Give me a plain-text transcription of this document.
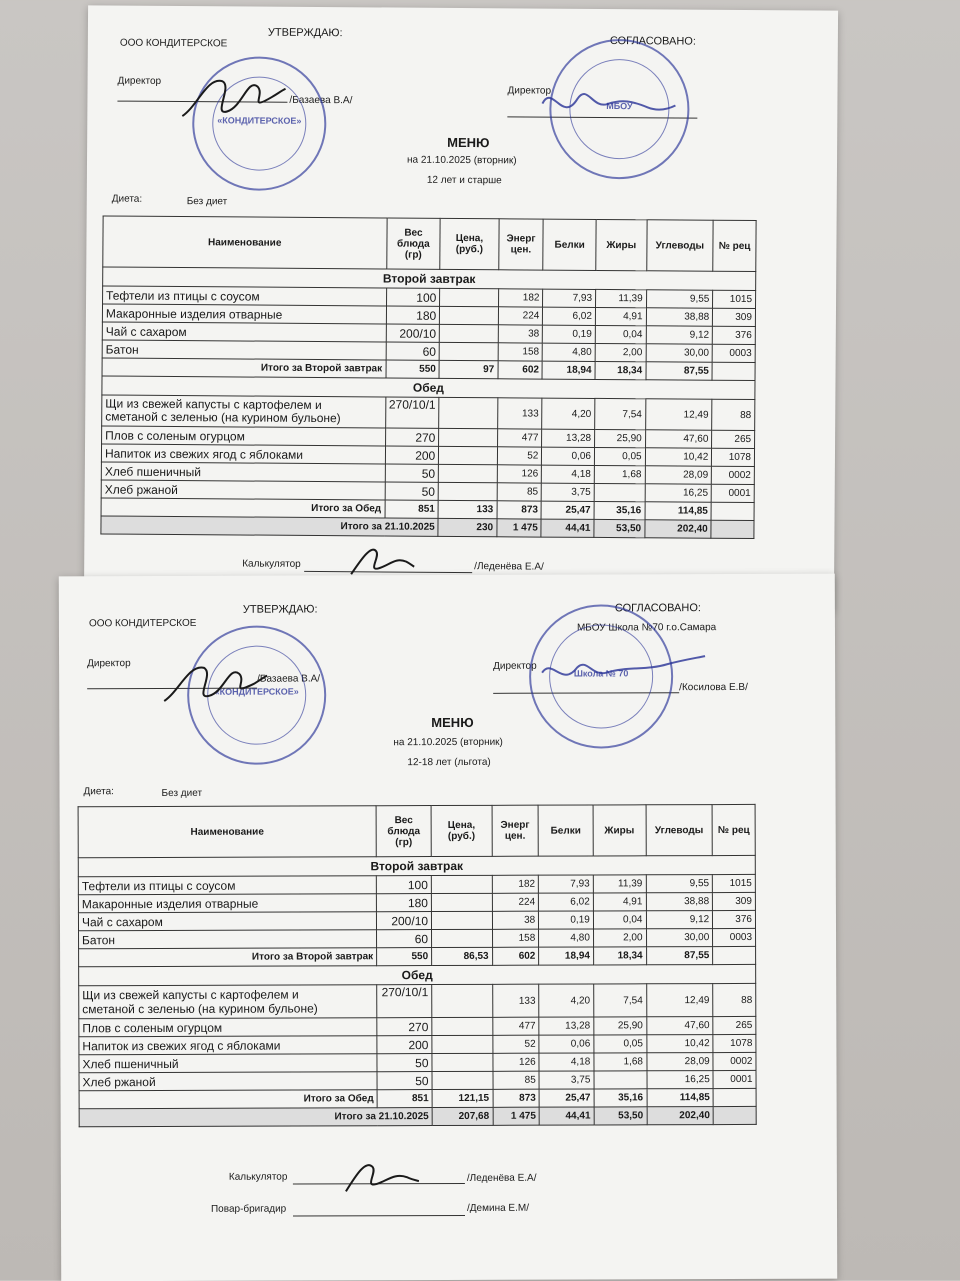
УТВЕРЖДАЮ:
ООО КОНДИТЕРСКОЕ	СОГЛАСОВАНО:
Директор
/Базаева В.А/
Директор
«КОНДИТЕРСКОЕ»
МБОУ
МЕНЮ
на 21.10.2025 (вторник)
12 лет и старше
Диета:	Без диет
Наименование	Вес блюда (гр)	Цена, (руб.)	Энерг цен.	Белки	Жиры	Углеводы	№ рец
Второй завтрак							
Тефтели из птицы с соусом	100		182	7,93	11,39	9,55	1015
Макаронные изделия отварные	180		224	6,02	4,91	38,88	309
Чай с сахаром	200/10		38	0,19	0,04	9,12	376
Батон	60		158	4,80	2,00	30,00	0003
Итого за Второй завтрак	550	97	602	18,94	18,34	87,55	
Обед							
Щи из свежей капусты с картофелем и
сметаной с зеленью (на курином бульоне)	270/10/1		133	4,20	7,54	12,49	88
Плов с соленым огурцом	270		477	13,28	25,90	47,60	265
Напиток из свежих ягод с яблоками	200		52	0,06	0,05	10,42	1078
Хлеб пшеничный	50		126	4,18	1,68	28,09	0002
Хлеб ржаной	50		85	3,75		16,25	0001
Итого за Обед	851	133	873	25,47	35,16	114,85	
Итого за 21.10.2025		230	1 475	44,41	53,50	202,40	
Калькулятор	/Леденёва Е.А/
УТВЕРЖДАЮ:
ООО КОНДИТЕРСКОЕ
СОГЛАСОВАНО:
МБОУ Школа №70 г.о.Самара
Директор
/Базаева В.А/
Директор
/Косилова Е.В/
«КОНДИТЕРСКОЕ»
Школа № 70
МЕНЮ
на 21.10.2025 (вторник)
12-18 лет (льгота)
Диета:	Без диет
Наименование	Вес блюда (гр)	Цена, (руб.)	Энерг цен.	Белки	Жиры	Углеводы	№ рец
Второй завтрак							
Тефтели из птицы с соусом	100		182	7,93	11,39	9,55	1015
Макаронные изделия отварные	180		224	6,02	4,91	38,88	309
Чай с сахаром	200/10		38	0,19	0,04	9,12	376
Батон	60		158	4,80	2,00	30,00	0003
Итого за Второй завтрак	550	86,53	602	18,94	18,34	87,55	
Обед							
Щи из свежей капусты с картофелем и
сметаной с зеленью (на курином бульоне)	270/10/1		133	4,20	7,54	12,49	88
Плов с соленым огурцом	270		477	13,28	25,90	47,60	265
Напиток из свежих ягод с яблоками	200		52	0,06	0,05	10,42	1078
Хлеб пшеничный	50		126	4,18	1,68	28,09	0002
Хлеб ржаной	50		85	3,75		16,25	0001
Итого за Обед	851	121,15	873	25,47	35,16	114,85	
Итого за 21.10.2025		207,68	1 475	44,41	53,50	202,40	
Калькулятор	/Леденёва Е.А/
Повар-бригадир	/Демина Е.М/
